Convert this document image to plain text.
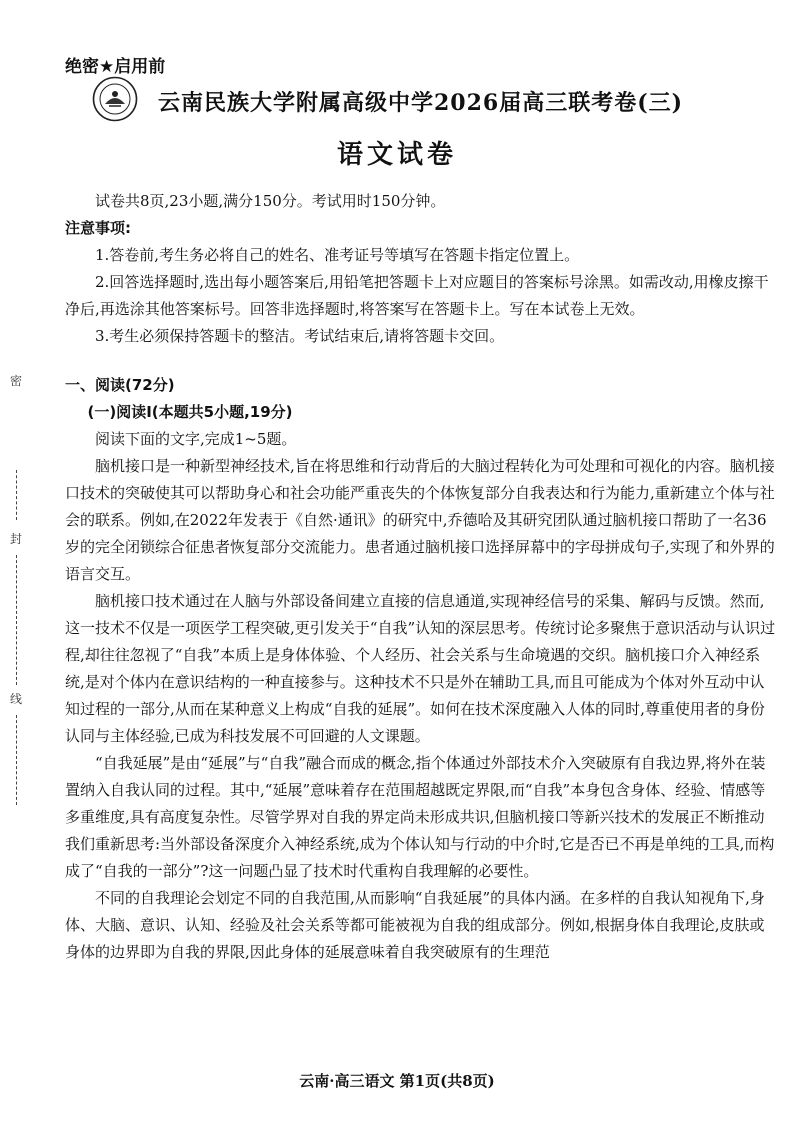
密
封
线
绝密★启用前
云南民族大学附属高级中学2026届高三联考卷(三)
语文试卷

试卷共8页,23小题,满分150分。考试用时150分钟。

注意事项:

1.答卷前,考生务必将自己的姓名、准考证号等填写在答题卡指定位置上。

2.回答选择题时,选出每小题答案后,用铅笔把答题卡上对应题目的答案标号涂黑。如需改动,用橡皮擦干净后,再选涂其他答案标号。回答非选择题时,将答案写在答题卡上。写在本试卷上无效。

3.考生必须保持答题卡的整洁。考试结束后,请将答题卡交回。

一、阅读(72分)

(一)阅读Ⅰ(本题共5小题,19分)

阅读下面的文字,完成1~5题。

脑机接口是一种新型神经技术,旨在将思维和行动背后的大脑过程转化为可处理和可视化的内容。脑机接口技术的突破使其可以帮助身心和社会功能严重丧失的个体恢复部分自我表达和行为能力,重新建立个体与社会的联系。例如,在2022年发表于《自然·通讯》的研究中,乔德哈及其研究团队通过脑机接口帮助了一名36岁的完全闭锁综合征患者恢复部分交流能力。患者通过脑机接口选择屏幕中的字母拼成句子,实现了和外界的语言交互。

脑机接口技术通过在人脑与外部设备间建立直接的信息通道,实现神经信号的采集、解码与反馈。然而,这一技术不仅是一项医学工程突破,更引发关于“自我”认知的深层思考。传统讨论多聚焦于意识活动与认识过程,却往往忽视了“自我”本质上是身体体验、个人经历、社会关系与生命境遇的交织。脑机接口介入神经系统,是对个体内在意识结构的一种直接参与。这种技术不只是外在辅助工具,而且可能成为个体对外互动中认知过程的一部分,从而在某种意义上构成“自我的延展”。如何在技术深度融入人体的同时,尊重使用者的身份认同与主体经验,已成为科技发展不可回避的人文课题。

“自我延展”是由“延展”与“自我”融合而成的概念,指个体通过外部技术介入突破原有自我边界,将外在装置纳入自我认同的过程。其中,“延展”意味着存在范围超越既定界限,而“自我”本身包含身体、经验、情感等多重维度,具有高度复杂性。尽管学界对自我的界定尚未形成共识,但脑机接口等新兴技术的发展正不断推动我们重新思考:当外部设备深度介入神经系统,成为个体认知与行动的中介时,它是否已不再是单纯的工具,而构成了“自我的一部分”?这一问题凸显了技术时代重构自我理解的必要性。

不同的自我理论会划定不同的自我范围,从而影响“自我延展”的具体内涵。在多样的自我认知视角下,身体、大脑、意识、认知、经验及社会关系等都可能被视为自我的组成部分。例如,根据身体自我理论,皮肤或身体的边界即为自我的界限,因此身体的延展意味着自我突破原有的生理范

云南·高三语文 第1页(共8页)
